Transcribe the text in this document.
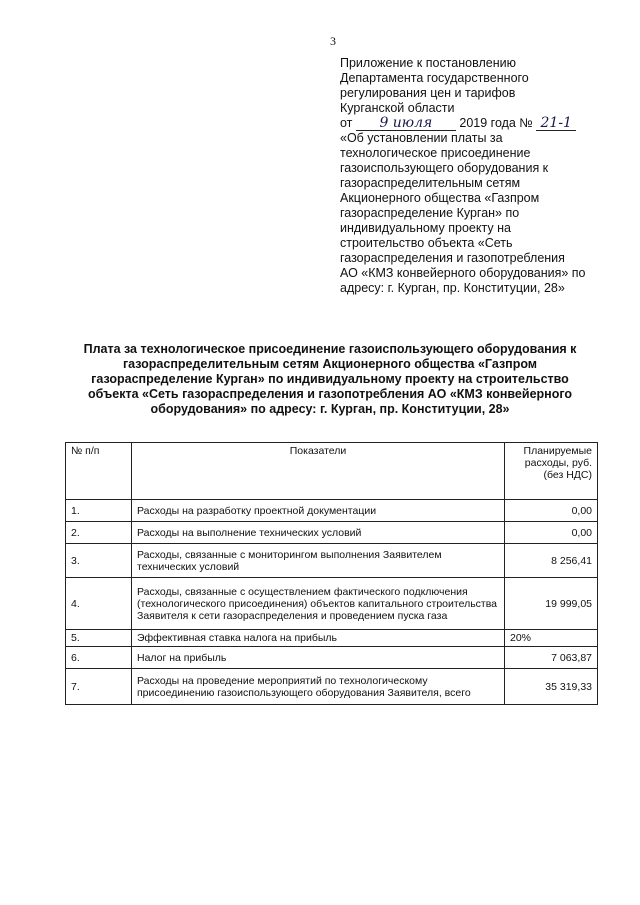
3
Приложение к постановлению
Департамента государственного
регулирования цен и тарифов
Курганской области
от 9 июля 2019 года № 21-1
«Об установлении платы за
технологическое присоединение
газоиспользующего оборудования к
газораспределительным сетям
Акционерного общества «Газпром
газораспределение Курган» по
индивидуальному проекту на
строительство объекта «Сеть
газораспределения и газопотребления
АО «КМЗ конвейерного оборудования» по
адресу: г. Курган, пр. Конституции, 28»
Плата за технологическое присоединение газоиспользующего оборудования к
газораспределительным сетям Акционерного общества «Газпром
газораспределение Курган» по индивидуальному проекту на строительство
объекта «Сеть газораспределения и газопотребления АО «КМЗ конвейерного
оборудования» по адресу: г. Курган, пр. Конституции, 28»
№ п/п	Показатели	Планируемые расходы, руб. (без НДС)
1.	Расходы на разработку проектной документации	0,00
2.	Расходы на выполнение технических условий	0,00
3.	Расходы, связанные с мониторингом выполнения Заявителем технических условий	8 256,41
4.	Расходы, связанные с осуществлением фактического подключения (технологического присоединения) объектов капитального строительства Заявителя к сети газораспределения и проведением пуска газа	19 999,05
5.	Эффективная ставка налога на прибыль	20%
6.	Налог на прибыль	7 063,87
7.	Расходы на проведение мероприятий по технологическому присоединению газоиспользующего оборудования Заявителя, всего	35 319,33
